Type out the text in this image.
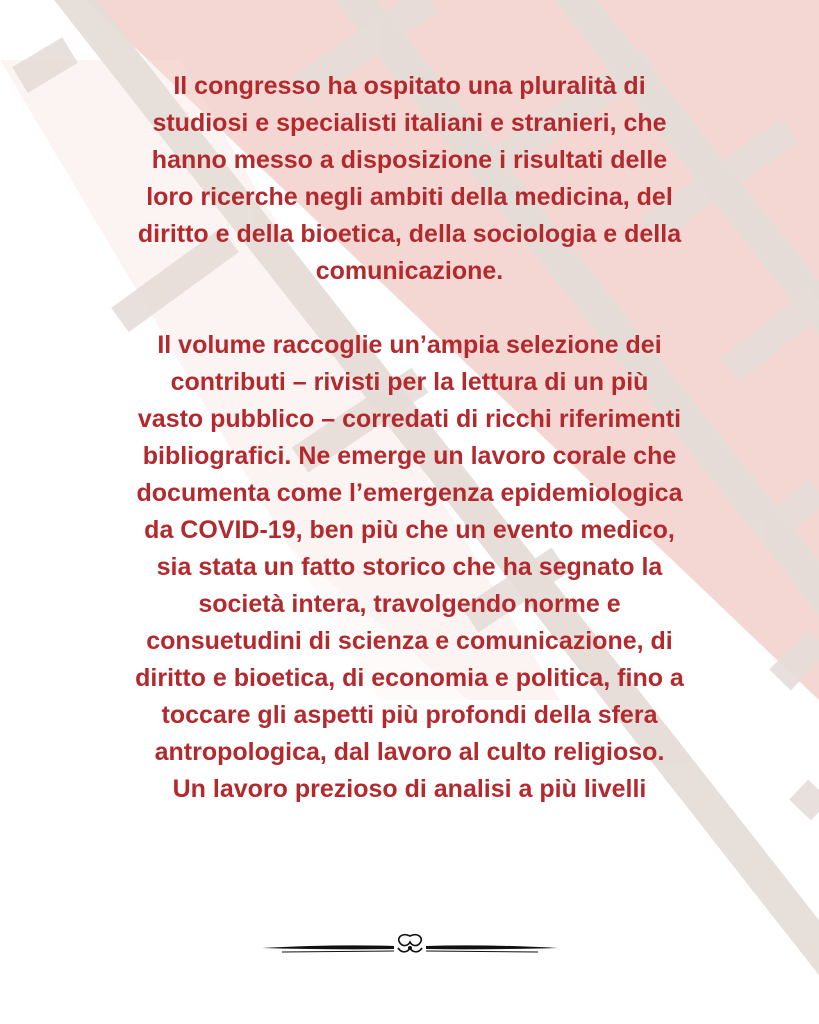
Il congresso ha ospitato una pluralità di
studiosi e specialisti italiani e stranieri, che
hanno messo a disposizione i risultati delle
loro ricerche negli ambiti della medicina, del
diritto e della bioetica, della sociologia e della
comunicazione.

Il volume raccoglie un’ampia selezione dei
contributi – rivisti per la lettura di un più
vasto pubblico – corredati di ricchi riferimenti
bibliografici. Ne emerge un lavoro corale che
documenta come l’emergenza epidemiologica
da COVID-19, ben più che un evento medico,
sia stata un fatto storico che ha segnato la
società intera, travolgendo norme e
consuetudini di scienza e comunicazione, di
diritto e bioetica, di economia e politica, fino a
toccare gli aspetti più profondi della sfera
antropologica, dal lavoro al culto religioso.
Un lavoro prezioso di analisi a più livelli
